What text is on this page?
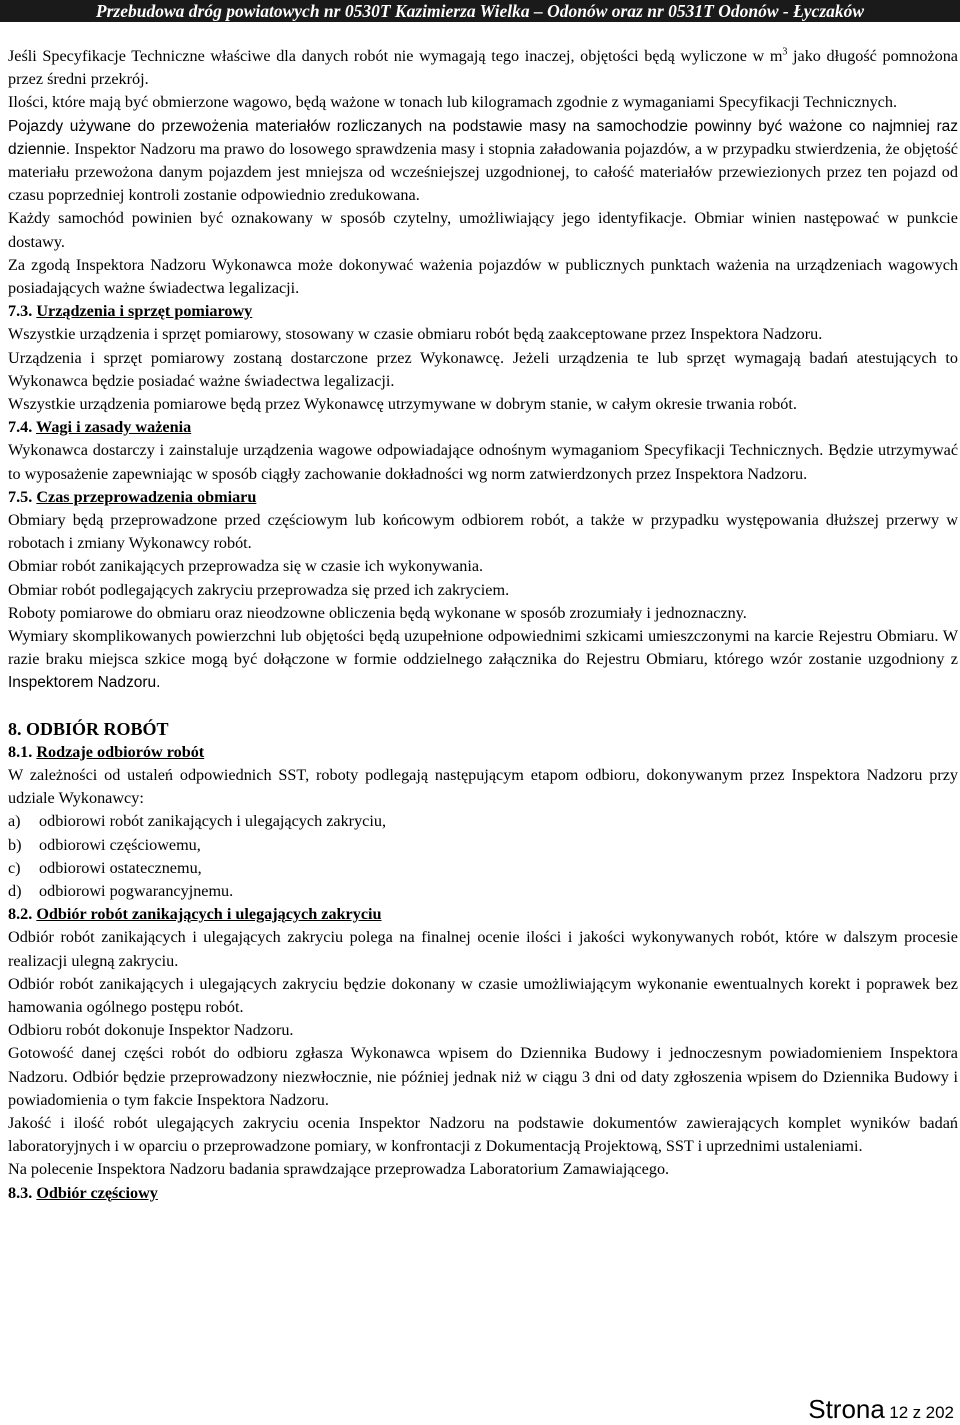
Przebudowa dróg powiatowych nr 0530T Kazimierza Wielka – Odonów oraz nr 0531T Odonów - Łyczaków

Jeśli Specyfikacje Techniczne właściwe dla danych robót nie wymagają tego inaczej, objętości będą wyliczone w $m^3$ jako długość pomnożona przez średni przekrój.

Ilości, które mają być obmierzone wagowo, będą ważone w tonach lub kilogramach zgodnie z wymaganiami Specyfikacji Technicznych.

Pojazdy używane do przewożenia materiałów rozliczanych na podstawie masy na samochodzie powinny być ważone co najmniej raz dziennie. Inspektor Nadzoru ma prawo do losowego sprawdzenia masy i stopnia załadowania pojazdów, a w przypadku stwierdzenia, że objętość materiału przewożona danym pojazdem jest mniejsza od wcześniejszej uzgodnionej, to całość materiałów przewiezionych przez ten pojazd od czasu poprzedniej kontroli zostanie odpowiednio zredukowana.

Każdy samochód powinien być oznakowany w sposób czytelny, umożliwiający jego identyfikacje. Obmiar winien następować w punkcie dostawy.

Za zgodą Inspektora Nadzoru Wykonawca może dokonywać ważenia pojazdów w publicznych punktach ważenia na urządzeniach wagowych posiadających ważne świadectwa legalizacji.

7.3. Urządzenia i sprzęt pomiarowy

Wszystkie urządzenia i sprzęt pomiarowy, stosowany w czasie obmiaru robót będą zaakceptowane przez Inspektora Nadzoru.

Urządzenia i sprzęt pomiarowy zostaną dostarczone przez Wykonawcę. Jeżeli urządzenia te lub sprzęt wymagają badań atestujących to Wykonawca będzie posiadać ważne świadectwa legalizacji.

Wszystkie urządzenia pomiarowe będą przez Wykonawcę utrzymywane w dobrym stanie, w całym okresie trwania robót.

7.4. Wagi i zasady ważenia

Wykonawca dostarczy i zainstaluje urządzenia wagowe odpowiadające odnośnym wymaganiom Specyfikacji Technicznych. Będzie utrzymywać to wyposażenie zapewniając w sposób ciągły zachowanie dokładności wg norm zatwierdzonych przez Inspektora Nadzoru.

7.5. Czas przeprowadzenia obmiaru

Obmiary będą przeprowadzone przed częściowym lub końcowym odbiorem robót, a także w przypadku występowania dłuższej przerwy w robotach i zmiany Wykonawcy robót.

Obmiar robót zanikających przeprowadza się w czasie ich wykonywania.

Obmiar robót podlegających zakryciu przeprowadza się przed ich zakryciem.

Roboty pomiarowe do obmiaru oraz nieodzowne obliczenia będą wykonane w sposób zrozumiały i jednoznaczny.

Wymiary skomplikowanych powierzchni lub objętości będą uzupełnione odpowiednimi szkicami umieszczonymi na karcie Rejestru Obmiaru. W razie braku miejsca szkice mogą być dołączone w formie oddzielnego załącznika do Rejestru Obmiaru, którego wzór zostanie uzgodniony z Inspektorem Nadzoru.

8. ODBIÓR ROBÓT

8.1. Rodzaje odbiorów robót

W zależności od ustaleń odpowiednich SST, roboty podlegają następującym etapom odbioru, dokonywanym przez Inspektora Nadzoru przy udziale Wykonawcy:

a)	odbiorowi robót zanikających i ulegających zakryciu,
b)	odbiorowi częściowemu,
c)	odbiorowi ostatecznemu,
d)	odbiorowi pogwarancyjnemu.

8.2. Odbiór robót zanikających i ulegających zakryciu

Odbiór robót zanikających i ulegających zakryciu polega na finalnej ocenie ilości i jakości wykonywanych robót, które w dalszym procesie realizacji ulegną zakryciu.

Odbiór robót zanikających i ulegających zakryciu będzie dokonany w czasie umożliwiającym wykonanie ewentualnych korekt i poprawek bez hamowania ogólnego postępu robót.

Odbioru robót dokonuje Inspektor Nadzoru.

Gotowość danej części robót do odbioru zgłasza Wykonawca wpisem do Dziennika Budowy i jednoczesnym powiadomieniem Inspektora Nadzoru. Odbiór będzie przeprowadzony niezwłocznie, nie później jednak niż w ciągu 3 dni od daty zgłoszenia wpisem do Dziennika Budowy i powiadomienia o tym fakcie Inspektora Nadzoru.

Jakość i ilość robót ulegających zakryciu ocenia Inspektor Nadzoru na podstawie dokumentów zawierających komplet wyników badań laboratoryjnych i w oparciu o przeprowadzone pomiary, w konfrontacji z Dokumentacją Projektową, SST i uprzednimi ustaleniami.

Na polecenie Inspektora Nadzoru badania sprawdzające przeprowadza Laboratorium Zamawiającego.

8.3. Odbiór częściowy

Strona 12 z 202
